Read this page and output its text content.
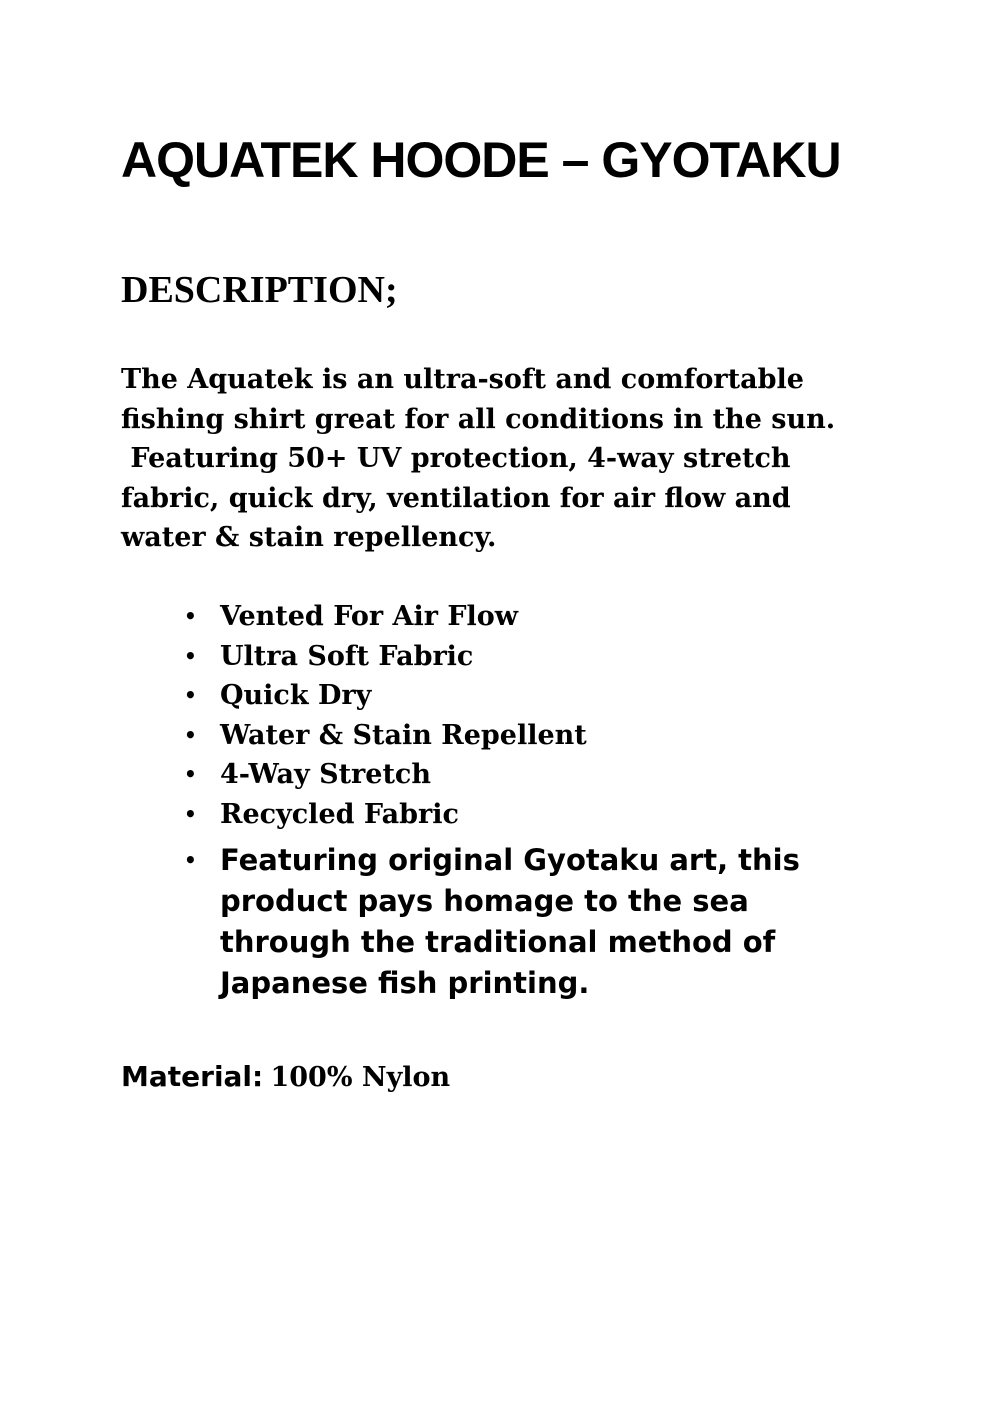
AQUATEK HOODE – GYOTAKU
DESCRIPTION;

The Aquatek is an ultra-soft and comfortable
fishing shirt great for all conditions in the sun.
Featuring 50+ UV protection, 4-way stretch
fabric, quick dry, ventilation for air flow and
water & stain repellency.

• Vented For Air Flow
• Ultra Soft Fabric
• Quick Dry
• Water & Stain Repellent
• 4-Way Stretch
• Recycled Fabric
• Featuring original Gyotaku art, this
product pays homage to the sea
through the traditional method of
Japanese fish printing.

Material: 100% Nylon
